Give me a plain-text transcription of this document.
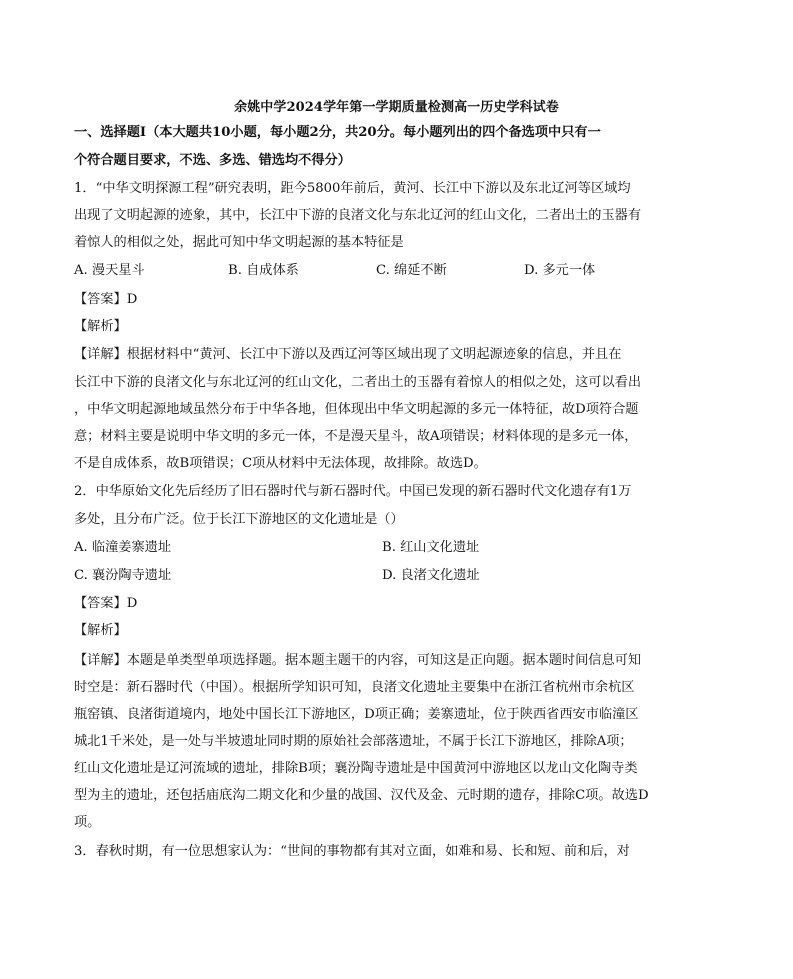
余姚中学2024学年第一学期质量检测高一历史学科试卷
一、选择题Ⅰ（本大题共10小题，每小题2分，共20分。每小题列出的四个备选项中只有一
个符合题目要求，不选、多选、错选均不得分）
1．“中华文明探源工程”研究表明，距今5800年前后，黄河、长江中下游以及东北辽河等区域均
出现了文明起源的迹象，其中，长江中下游的良渚文化与东北辽河的红山文化，二者出土的玉器有
着惊人的相似之处，据此可知中华文明起源的基本特征是
A. 漫天星斗	B. 自成体系	C. 绵延不断	D. 多元一体
【答案】D
【解析】
【详解】根据材料中“黄河、长江中下游以及西辽河等区域出现了文明起源迹象的信息，并且在
长江中下游的良渚文化与东北辽河的红山文化，二者出土的玉器有着惊人的相似之处，这可以看出
，中华文明起源地域虽然分布于中华各地，但体现出中华文明起源的多元一体特征，故D项符合题
意；材料主要是说明中华文明的多元一体，不是漫天星斗，故A项错误；材料体现的是多元一体，
不是自成体系，故B项错误；C项从材料中无法体现，故排除。故选D。
2．中华原始文化先后经历了旧石器时代与新石器时代。中国已发现的新石器时代文化遗存有1万
多处，且分布广泛。位于长江下游地区的文化遗址是（）
A. 临潼姜寨遗址	B. 红山文化遗址
C. 襄汾陶寺遗址	D. 良渚文化遗址
【答案】D
【解析】
【详解】本题是单类型单项选择题。据本题主题干的内容，可知这是正向题。据本题时间信息可知
时空是：新石器时代（中国）。根据所学知识可知，良渚文化遗址主要集中在浙江省杭州市余杭区
瓶窑镇、良渚街道境内，地处中国长江下游地区，D项正确；姜寨遗址，位于陕西省西安市临潼区
城北1千米处，是一处与半坡遗址同时期的原始社会部落遗址，不属于长江下游地区，排除A项；
红山文化遗址是辽河流域的遗址，排除B项；襄汾陶寺遗址是中国黄河中游地区以龙山文化陶寺类
型为主的遗址，还包括庙底沟二期文化和少量的战国、汉代及金、元时期的遗存，排除C项。故选D
项。
3．春秋时期，有一位思想家认为：“世间的事物都有其对立面，如难和易、长和短、前和后，对
